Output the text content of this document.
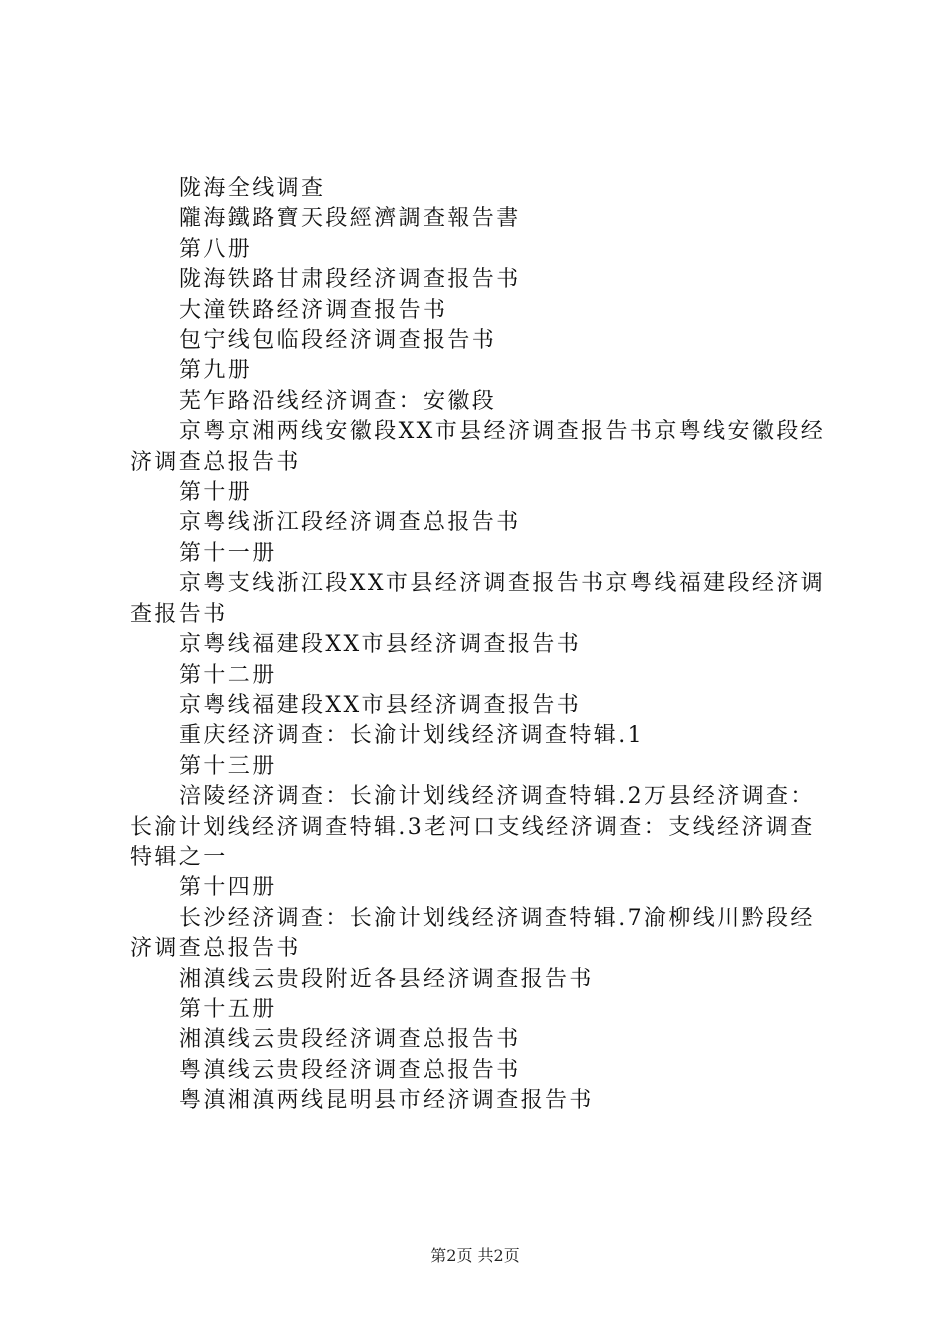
陇海全线调查
隴海鐵路寶天段經濟調查報告書
第八册
陇海铁路甘肃段经济调查报告书
大潼铁路经济调查报告书
包宁线包临段经济调查报告书
第九册
芜乍路沿线经济调查：安徽段
京粤京湘两线安徽段XX市县经济调查报告书京粤线安徽段经济调查总报告书
第十册
京粤线浙江段经济调查总报告书
第十一册
京粤支线浙江段XX市县经济调查报告书京粤线福建段经济调查报告书
京粤线福建段XX市县经济调查报告书
第十二册
京粤线福建段XX市县经济调查报告书
重庆经济调查：长渝计划线经济调查特辑.1
第十三册
涪陵经济调查：长渝计划线经济调查特辑.2万县经济调查：长渝计划线经济调查特辑.3老河口支线经济调查：支线经济调查特辑之一
第十四册
长沙经济调查：长渝计划线经济调查特辑.7渝柳线川黔段经济调查总报告书
湘滇线云贵段附近各县经济调查报告书
第十五册
湘滇线云贵段经济调查总报告书
粤滇线云贵段经济调查总报告书
粤滇湘滇两线昆明县市经济调查报告书
第2页 共2页
